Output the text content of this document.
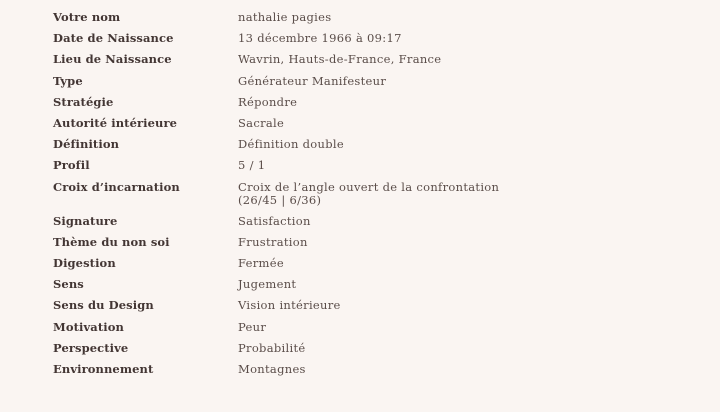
Votre nom	nathalie pagies
Date de Naissance	13 décembre 1966 à 09:17
Lieu de Naissance	Wavrin, Hauts-de-France, France
Type	Générateur Manifesteur
Stratégie	Répondre
Autorité intérieure	Sacrale
Définition	Définition double
Profil	5 / 1
Croix d’incarnation	Croix de l’angle ouvert de la confrontation
(26/45 | 6/36)
Signature	Satisfaction
Thème du non soi	Frustration
Digestion	Fermée
Sens	Jugement
Sens du Design	Vision intérieure
Motivation	Peur
Perspective	Probabilité
Environnement	Montagnes
